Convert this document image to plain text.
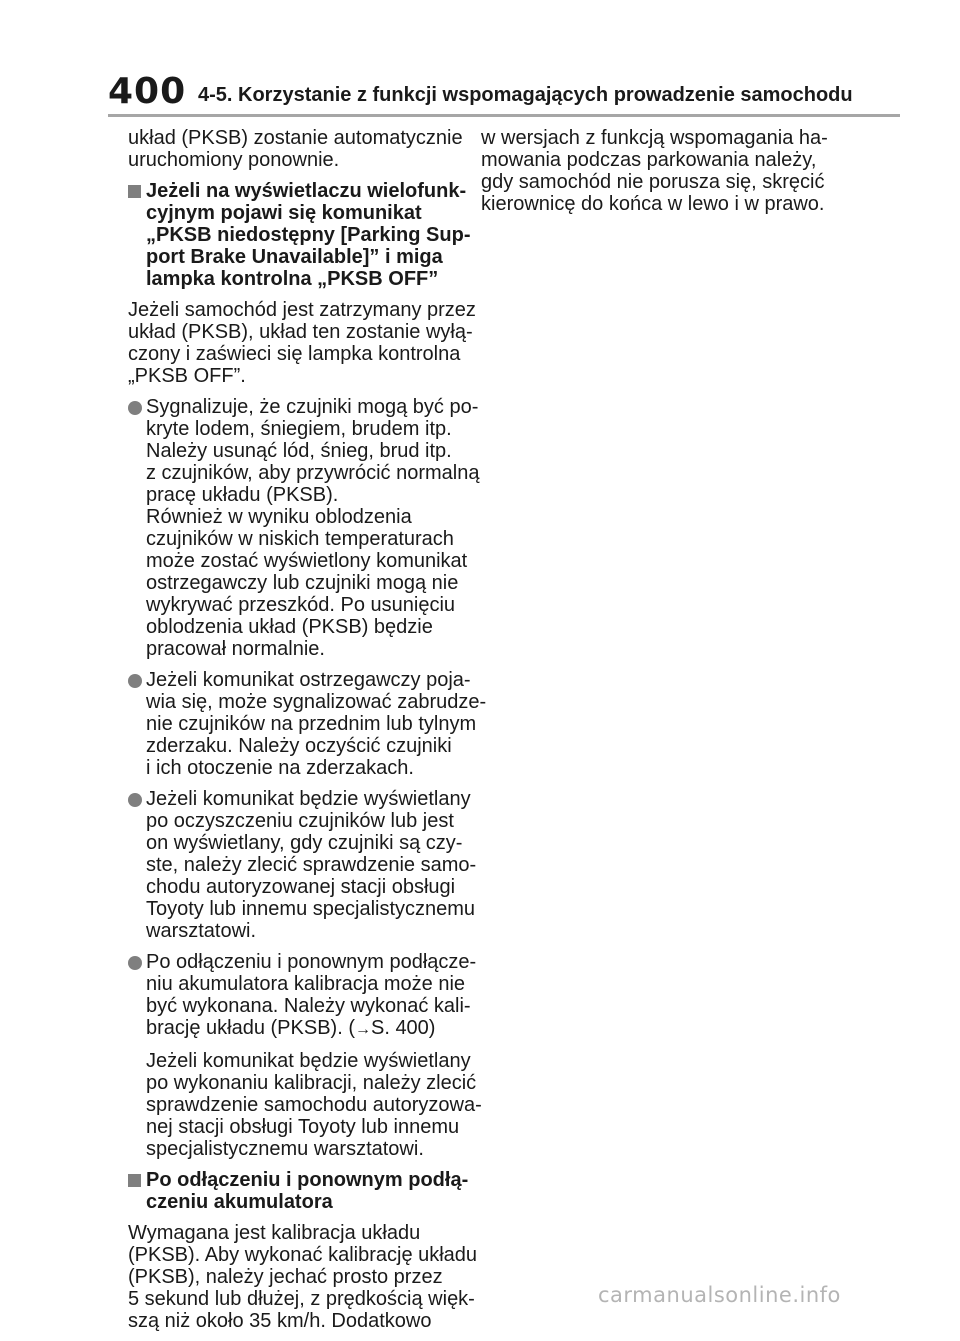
400 4-5. Korzystanie z funkcji wspomagających prowadzenie samochodu
układ (PKSB) zostanie automatycznie
uruchomiony ponownie.
Jeżeli na wyświetlaczu wielofunk-
cyjnym pojawi się komunikat
„PKSB niedostępny [Parking Sup-
port Brake Unavailable]” i miga
lampka kontrolna „PKSB OFF”
Jeżeli samochód jest zatrzymany przez
układ (PKSB), układ ten zostanie wyłą-
czony i zaświeci się lampka kontrolna
„PKSB OFF”.
Sygnalizuje, że czujniki mogą być po-
kryte lodem, śniegiem, brudem itp.
Należy usunąć lód, śnieg, brud itp.
z czujników, aby przywrócić normalną
pracę układu (PKSB).
Również w wyniku oblodzenia
czujników w niskich temperaturach
może zostać wyświetlony komunikat
ostrzegawczy lub czujniki mogą nie
wykrywać przeszkód. Po usunięciu
oblodzenia układ (PKSB) będzie
pracował normalnie.
Jeżeli komunikat ostrzegawczy poja-
wia się, może sygnalizować zabrudze-
nie czujników na przednim lub tylnym
zderzaku. Należy oczyścić czujniki
i ich otoczenie na zderzakach.
Jeżeli komunikat będzie wyświetlany
po oczyszczeniu czujników lub jest
on wyświetlany, gdy czujniki są czy-
ste, należy zlecić sprawdzenie samo-
chodu autoryzowanej stacji obsługi
Toyoty lub innemu specjalistycznemu
warsztatowi.
Po odłączeniu i ponownym podłącze-
niu akumulatora kalibracja może nie
być wykonana. Należy wykonać kali-
brację układu (PKSB). (→S. 400)
Jeżeli komunikat będzie wyświetlany
po wykonaniu kalibracji, należy zlecić
sprawdzenie samochodu autoryzowa-
nej stacji obsługi Toyoty lub innemu
specjalistycznemu warsztatowi.
Po odłączeniu i ponownym podłą-
czeniu akumulatora
Wymagana jest kalibracja układu
(PKSB). Aby wykonać kalibrację układu
(PKSB), należy jechać prosto przez
5 sekund lub dłużej, z prędkością więk-
szą niż około 35 km/h. Dodatkowo
w wersjach z funkcją wspomagania ha-
mowania podczas parkowania należy,
gdy samochód nie porusza się, skręcić
kierownicę do końca w lewo i w prawo.
carmanualsonline.info
